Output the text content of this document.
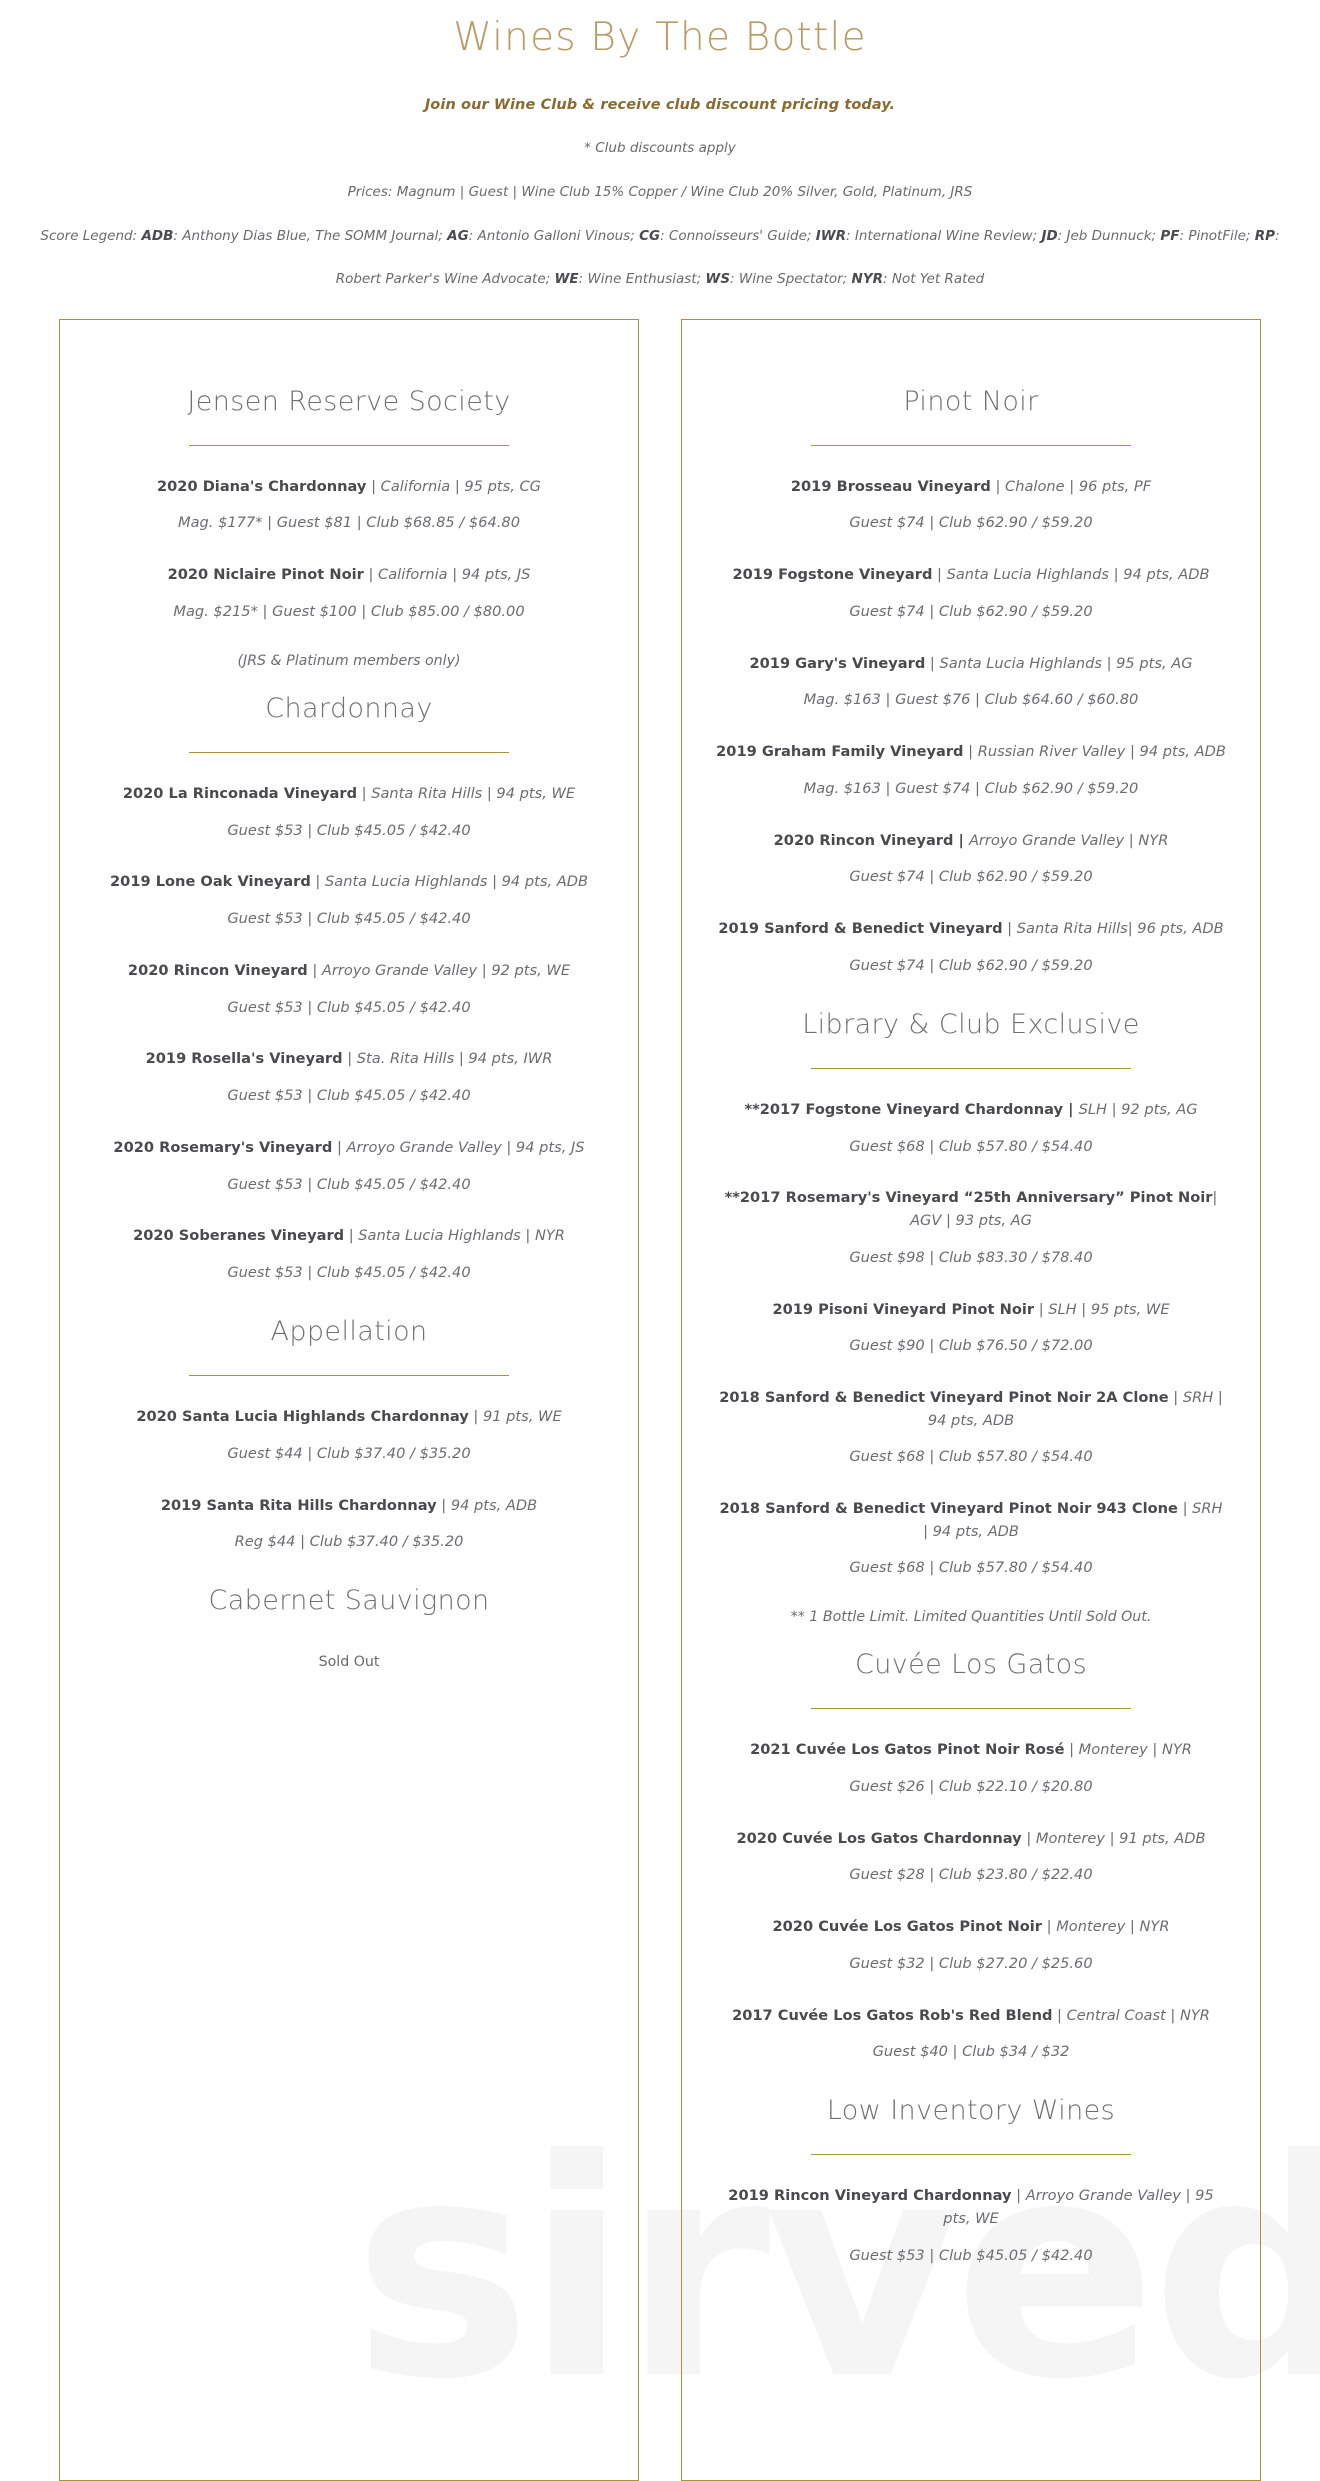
Wines By The Bottle
Join our Wine Club & receive club discount pricing today.
* Club discounts apply
Prices: Magnum | Guest | Wine Club 15% Copper / Wine Club 20% Silver, Gold, Platinum, JRS
Score Legend: ADB: Anthony Dias Blue, The SOMM Journal; AG: Antonio Galloni Vinous; CG: Connoisseurs' Guide; IWR: International Wine Review; JD: Jeb Dunnuck; PF: PinotFile; RP:
Robert Parker's Wine Advocate; WE: Wine Enthusiast; WS: Wine Spectator; NYR: Not Yet Rated
Jensen Reserve Society
2020 Diana's Chardonnay | California | 95 pts, CG
Mag. $177* | Guest $81 | Club $68.85 / $64.80
2020 Niclaire Pinot Noir | California | 94 pts, JS
Mag. $215* | Guest $100 | Club $85.00 / $80.00
(JRS & Platinum members only)
Chardonnay
2020 La Rinconada Vineyard | Santa Rita Hills | 94 pts, WE
Guest $53 | Club $45.05 / $42.40
2019 Lone Oak Vineyard | Santa Lucia Highlands | 94 pts, ADB
Guest $53 | Club $45.05 / $42.40
2020 Rincon Vineyard | Arroyo Grande Valley | 92 pts, WE
Guest $53 | Club $45.05 / $42.40
2019 Rosella's Vineyard | Sta. Rita Hills | 94 pts, IWR
Guest $53 | Club $45.05 / $42.40
2020 Rosemary's Vineyard | Arroyo Grande Valley | 94 pts, JS
Guest $53 | Club $45.05 / $42.40
2020 Soberanes Vineyard | Santa Lucia Highlands | NYR
Guest $53 | Club $45.05 / $42.40
Appellation
2020 Santa Lucia Highlands Chardonnay | 91 pts, WE
Guest $44 | Club $37.40 / $35.20
2019 Santa Rita Hills Chardonnay | 94 pts, ADB
Reg $44 | Club $37.40 / $35.20
Cabernet Sauvignon
Sold Out
Pinot Noir
2019 Brosseau Vineyard | Chalone | 96 pts, PF
Guest $74 | Club $62.90 / $59.20
2019 Fogstone Vineyard | Santa Lucia Highlands | 94 pts, ADB
Guest $74 | Club $62.90 / $59.20
2019 Gary's Vineyard | Santa Lucia Highlands | 95 pts, AG
Mag. $163 | Guest $76 | Club $64.60 / $60.80
2019 Graham Family Vineyard | Russian River Valley | 94 pts, ADB
Mag. $163 | Guest $74 | Club $62.90 / $59.20
2020 Rincon Vineyard | Arroyo Grande Valley | NYR
Guest $74 | Club $62.90 / $59.20
2019 Sanford & Benedict Vineyard | Santa Rita Hills| 96 pts, ADB
Guest $74 | Club $62.90 / $59.20
Library & Club Exclusive
**2017 Fogstone Vineyard Chardonnay | SLH | 92 pts, AG
Guest $68 | Club $57.80 / $54.40
**2017 Rosemary's Vineyard “25th Anniversary” Pinot Noir| AGV | 93 pts, AG
Guest $98 | Club $83.30 / $78.40
2019 Pisoni Vineyard Pinot Noir | SLH | 95 pts, WE
Guest $90 | Club $76.50 / $72.00
2018 Sanford & Benedict Vineyard Pinot Noir 2A Clone | SRH | 94 pts, ADB
Guest $68 | Club $57.80 / $54.40
2018 Sanford & Benedict Vineyard Pinot Noir 943 Clone | SRH | 94 pts, ADB
Guest $68 | Club $57.80 / $54.40
** 1 Bottle Limit. Limited Quantities Until Sold Out.
Cuvée Los Gatos
2021 Cuvée Los Gatos Pinot Noir Rosé | Monterey | NYR
Guest $26 | Club $22.10 / $20.80
2020 Cuvée Los Gatos Chardonnay | Monterey | 91 pts, ADB
Guest $28 | Club $23.80 / $22.40
2020 Cuvée Los Gatos Pinot Noir | Monterey | NYR
Guest $32 | Club $27.20 / $25.60
2017 Cuvée Los Gatos Rob's Red Blend | Central Coast | NYR
Guest $40 | Club $34 / $32
Low Inventory Wines
2019 Rincon Vineyard Chardonnay | Arroyo Grande Valley | 95 pts, WE
Guest $53 | Club $45.05 / $42.40
